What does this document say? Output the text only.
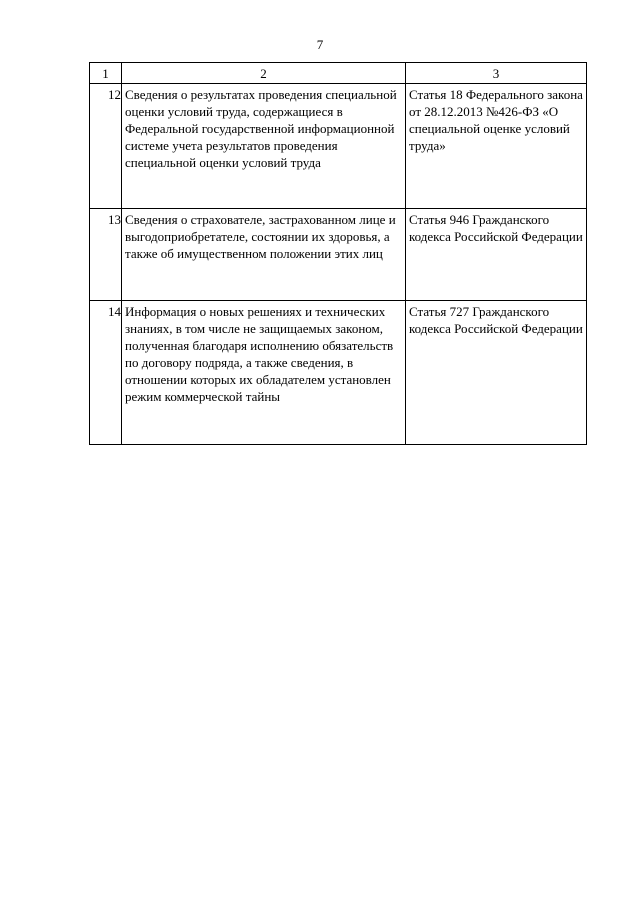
7
1	2	3
12	Сведения о результатах проведения специальной оценки условий труда, содержащиеся в Федеральной государственной информационной системе учета результатов проведения специальной оценки условий труда	Статья 18 Федерального закона от 28.12.2013 №426-ФЗ «О специальной оценке условий труда»
13	Сведения о страхователе, застрахованном лице и выгодоприобретателе, состоянии их здоровья, а также об имущественном положении этих лиц	Статья 946 Гражданского кодекса Российской Федерации
14	Информация о новых решениях и технических знаниях, в том числе не защищаемых законом, полученная благодаря исполнению обязательств по договору подряда, а также сведения, в отношении которых их обладателем установлен режим коммерческой тайны	Статья 727 Гражданского кодекса Российской Федерации
